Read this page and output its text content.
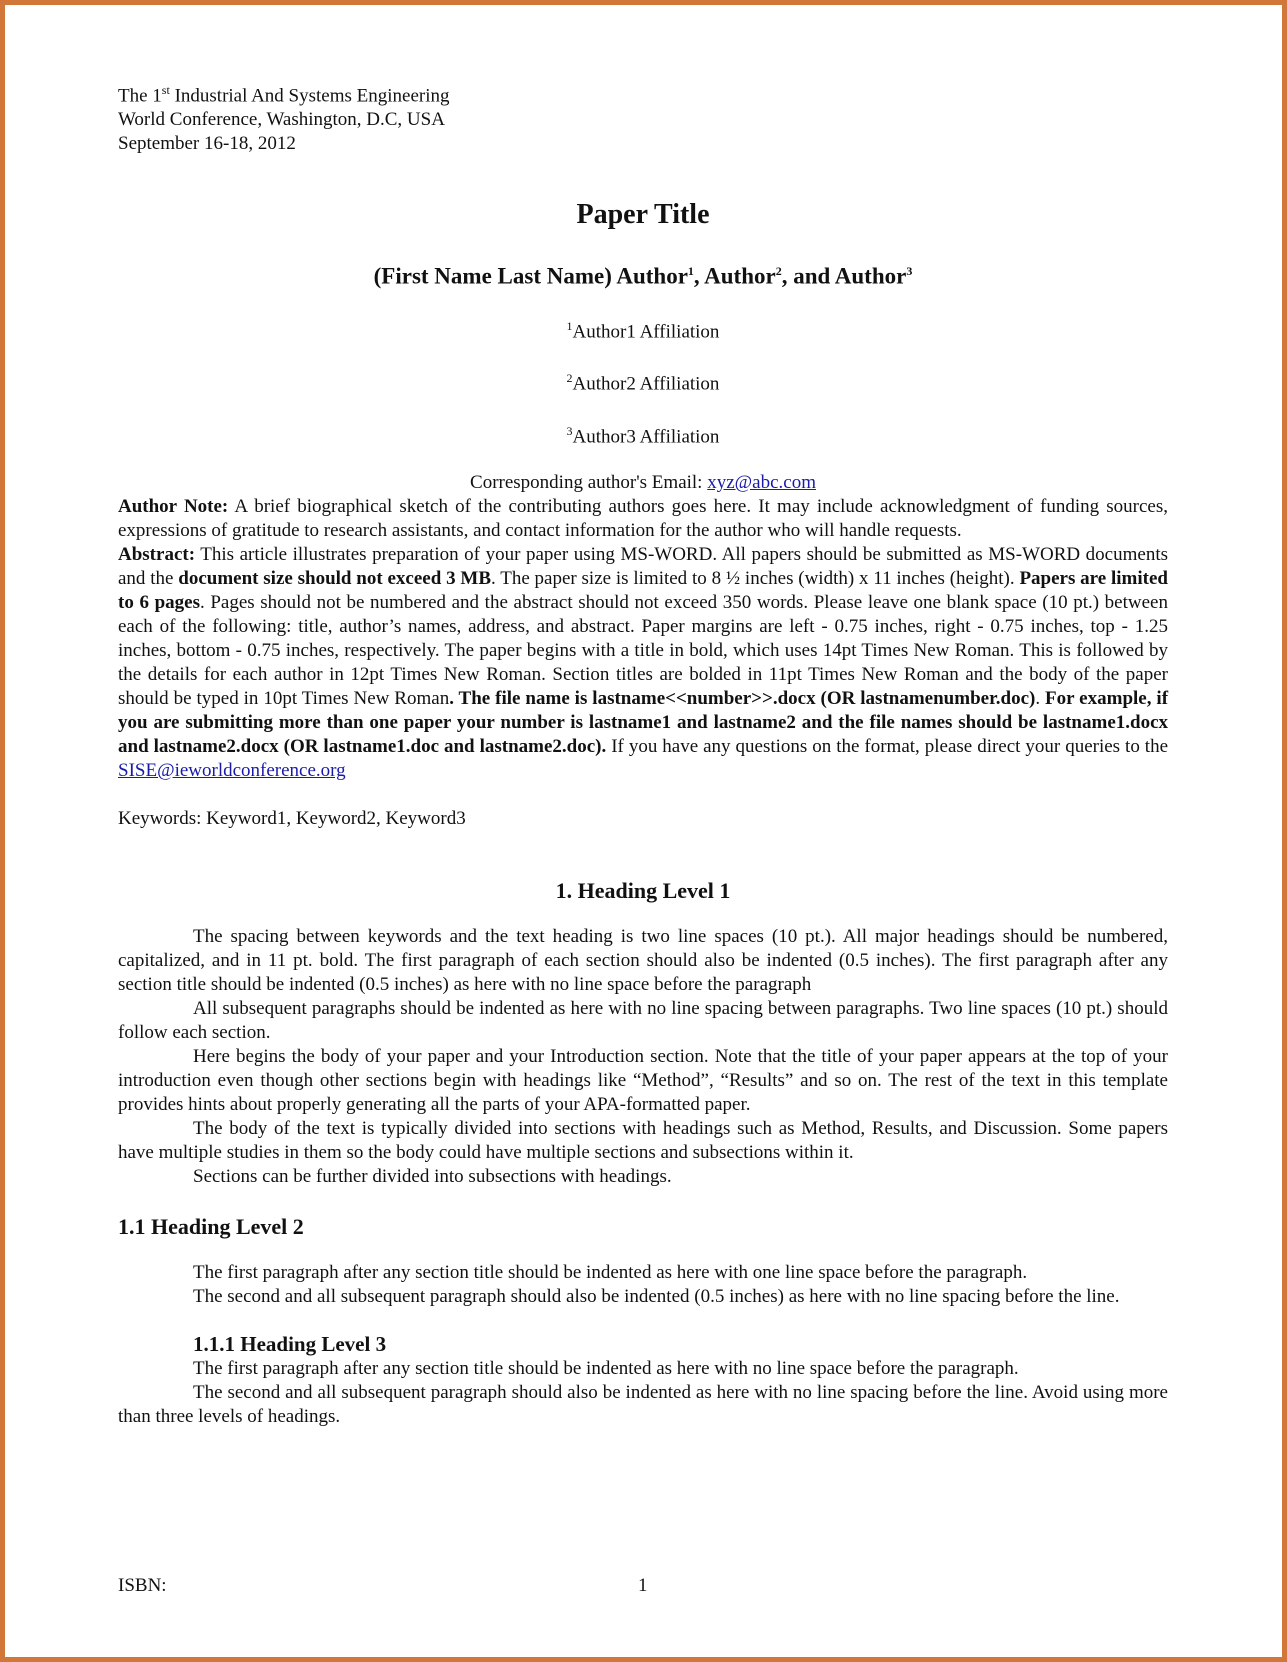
The 1st Industrial And Systems Engineering
World Conference, Washington, D.C, USA
September 16-18, 2012
Paper Title
(First Name Last Name) Author$^1$, Author$^2$, and Author$^3$
$^1$Author1 Affiliation
$^2$Author2 Affiliation
$^3$Author3 Affiliation
Corresponding author's Email: xyz@abc.com

Author Note: A brief biographical sketch of the contributing authors goes here. It may include acknowledgment of funding sources, expressions of gratitude to research assistants, and contact information for the author who will handle requests.

Abstract: This article illustrates preparation of your paper using MS-WORD. All papers should be submitted as MS-WORD documents and the document size should not exceed 3 MB. The paper size is limited to 8 ½ inches (width) x 11 inches (height). Papers are limited to 6 pages. Pages should not be numbered and the abstract should not exceed 350 words. Please leave one blank space (10 pt.) between each of the following: title, author’s names, address, and abstract. Paper margins are left - 0.75 inches, right - 0.75 inches, top - 1.25 inches, bottom - 0.75 inches, respectively. The paper begins with a title in bold, which uses 14pt Times New Roman. This is followed by the details for each author in 12pt Times New Roman. Section titles are bolded in 11pt Times New Roman and the body of the paper should be typed in 10pt Times New Roman. The file name is lastname<<number>>.docx (OR lastnamenumber.doc). For example, if you are submitting more than one paper your number is lastname1 and lastname2 and the file names should be lastname1.docx and lastname2.docx (OR lastname1.doc and lastname2.doc). If you have any questions on the format, please direct your queries to the SISE@ieworldconference.org

Keywords: Keyword1, Keyword2, Keyword3
1. Heading Level 1

The spacing between keywords and the text heading is two line spaces (10 pt.). All major headings should be numbered, capitalized, and in 11 pt. bold. The first paragraph of each section should also be indented (0.5 inches). The first paragraph after any section title should be indented (0.5 inches) as here with no line space before the paragraph

All subsequent paragraphs should be indented as here with no line spacing between paragraphs. Two line spaces (10 pt.) should follow each section.

Here begins the body of your paper and your Introduction section. Note that the title of your paper appears at the top of your introduction even though other sections begin with headings like “Method”, “Results” and so on. The rest of the text in this template provides hints about properly generating all the parts of your APA-formatted paper.

The body of the text is typically divided into sections with headings such as Method, Results, and Discussion. Some papers have multiple studies in them so the body could have multiple sections and subsections within it.

Sections can be further divided into subsections with headings.

1.1 Heading Level 2

The first paragraph after any section title should be indented as here with one line space before the paragraph.

The second and all subsequent paragraph should also be indented (0.5 inches) as here with no line spacing before the line.

1.1.1 Heading Level 3

The first paragraph after any section title should be indented as here with no line space before the paragraph.

The second and all subsequent paragraph should also be indented as here with no line spacing before the line. Avoid using more than three levels of headings.

ISBN:	1
